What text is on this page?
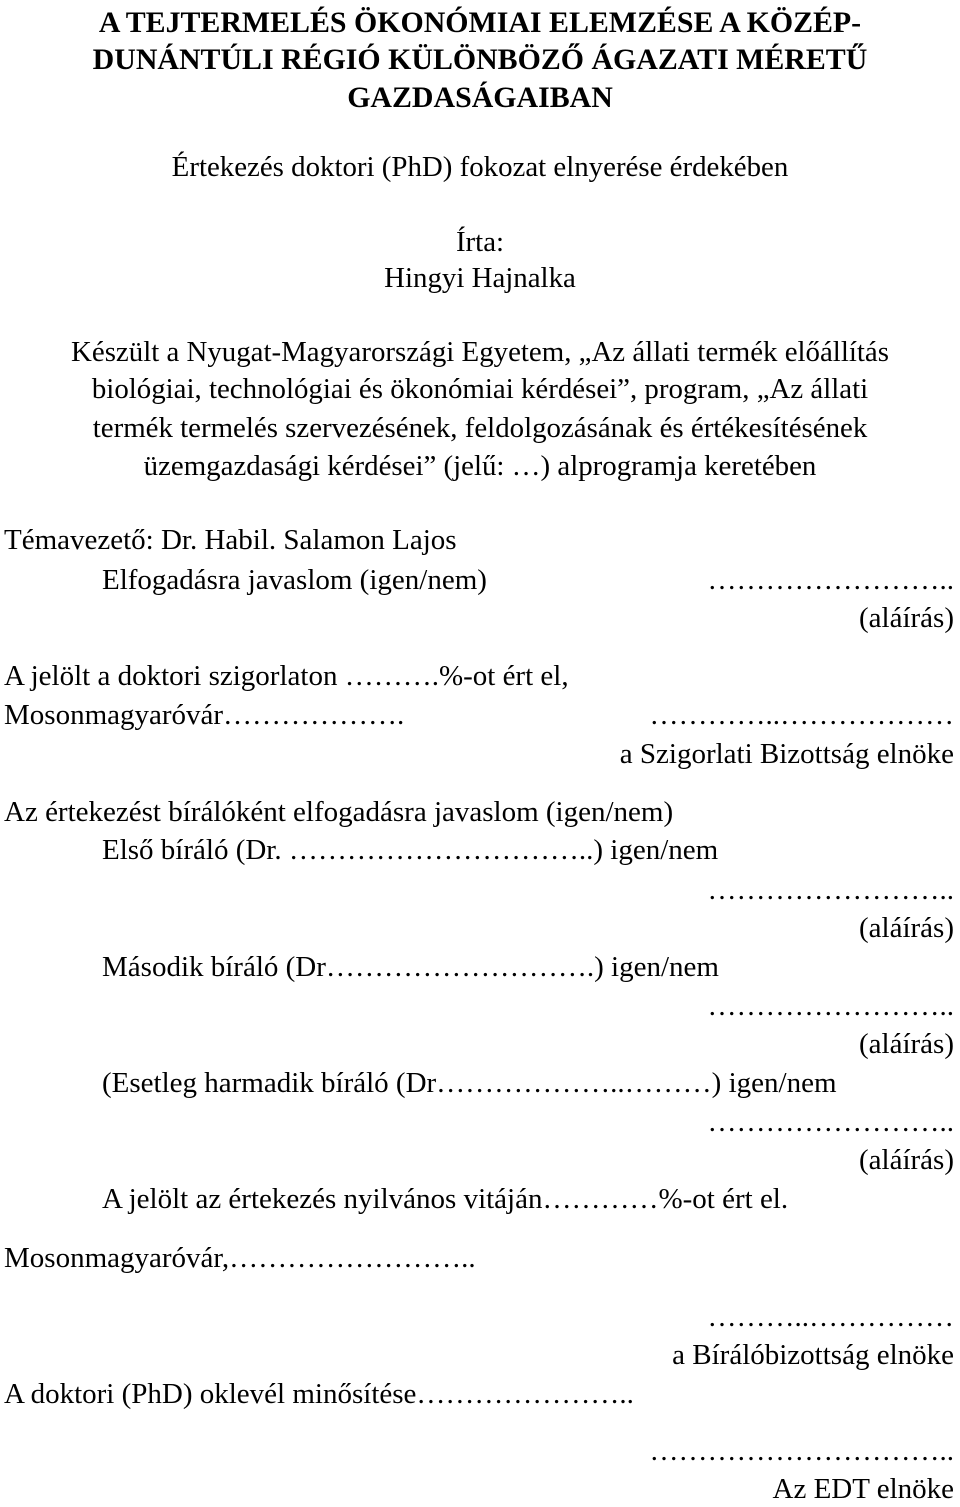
A TEJTERMELÉS ÖKONÓMIAI ELEMZÉSE A KÖZÉP-
DUNÁNTÚLI RÉGIÓ KÜLÖNBÖZŐ ÁGAZATI MÉRETŰ
GAZDASÁGAIBAN
Értekezés doktori (PhD) fokozat elnyerése érdekében
Írta:
Hingyi Hajnalka
Készült a Nyugat-Magyarországi Egyetem, „Az állati termék előállítás
biológiai, technológiai és ökonómiai kérdései”, program, „Az állati
termék termelés szervezésének, feldolgozásának és értékesítésének
üzemgazdasági kérdései” (jelű: …) alprogramja keretében
Témavezető: Dr. Habil. Salamon Lajos
Elfogadásra javaslom (igen/nem)	……………………..
(aláírás)
A jelölt a doktori szigorlaton ……….%-ot ért el,
Mosonmagyaróvár……………….	…………..………………
a Szigorlati Bizottság elnöke
Az értekezést bírálóként elfogadásra javaslom (igen/nem)
Első bíráló (Dr. …………………………..) igen/nem
……………………..
(aláírás)
Második bíráló (Dr……………………….) igen/nem
……………………..
(aláírás)
(Esetleg harmadik bíráló (Dr………………..………) igen/nem
……………………..
(aláírás)
A jelölt az értekezés nyilvános vitáján…………%-ot ért el.
Mosonmagyaróvár,……………………..
………..……………
a Bírálóbizottság elnöke
A doktori (PhD) oklevél minősítése…………………..
…………………………..
Az EDT elnöke
